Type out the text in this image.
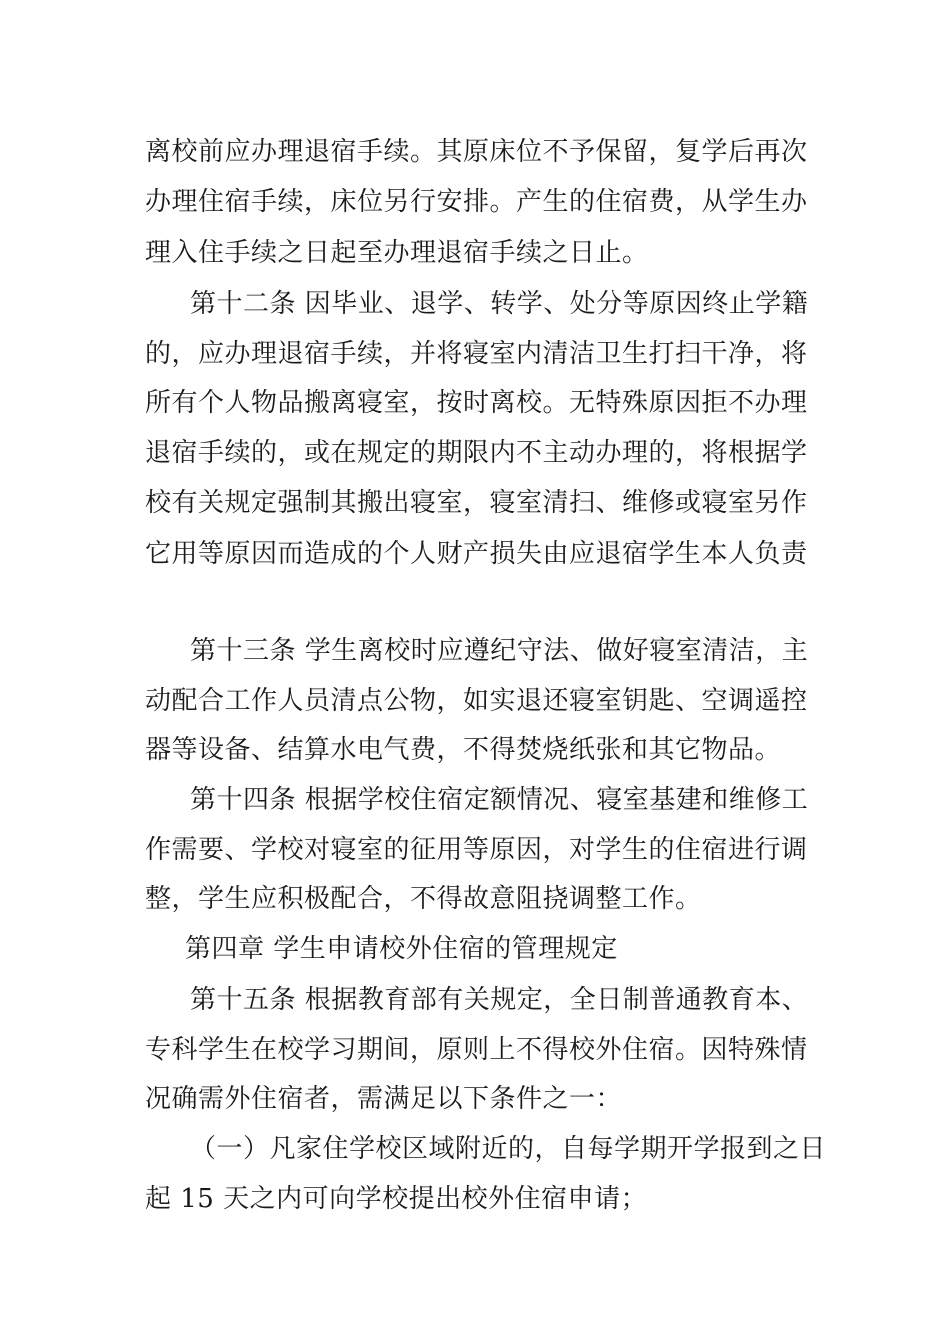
离校前应办理退宿手续。其原床位不予保留，复学后再次
办理住宿手续，床位另行安排。产生的住宿费，从学生办
理入住手续之日起至办理退宿手续之日止。
第十二条 因毕业、退学、转学、处分等原因终止学籍
的，应办理退宿手续，并将寝室内清洁卫生打扫干净，将
所有个人物品搬离寝室，按时离校。无特殊原因拒不办理
退宿手续的，或在规定的期限内不主动办理的，将根据学
校有关规定强制其搬出寝室，寝室清扫、维修或寝室另作
它用等原因而造成的个人财产损失由应退宿学生本人负责
第十三条 学生离校时应遵纪守法、做好寝室清洁，主
动配合工作人员清点公物，如实退还寝室钥匙、空调遥控
器等设备、结算水电气费，不得焚烧纸张和其它物品。
第十四条 根据学校住宿定额情况、寝室基建和维修工
作需要、学校对寝室的征用等原因，对学生的住宿进行调
整，学生应积极配合，不得故意阻挠调整工作。
第四章 学生申请校外住宿的管理规定
第十五条 根据教育部有关规定，全日制普通教育本、
专科学生在校学习期间，原则上不得校外住宿。因特殊情
况确需外住宿者，需满足以下条件之一：
（一）凡家住学校区域附近的，自每学期开学报到之日
起 15 天之内可向学校提出校外住宿申请；
